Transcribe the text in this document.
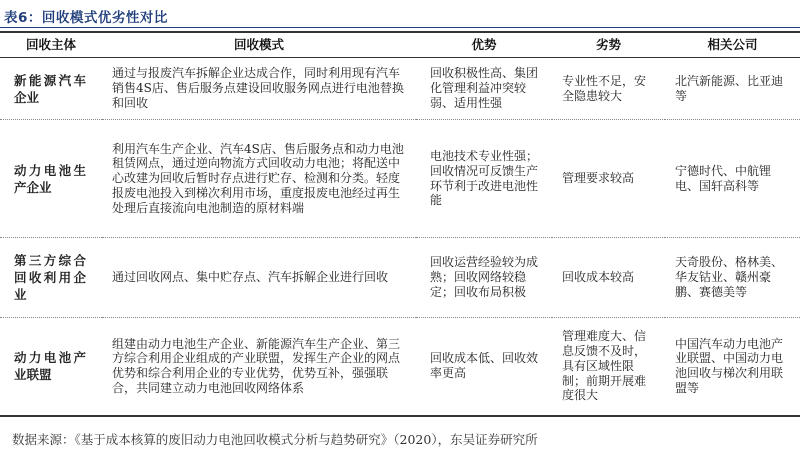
表6：回收模式优劣性对比
回收主体	回收模式	优势	劣势	相关公司
新能源汽车企业	通过与报废汽车拆解企业达成合作，同时利用现有汽车销售4S店、售后服务点建设回收服务网点进行电池替换和回收	回收积极性高、集团化管理利益冲突较弱、适用性强	专业性不足，安全隐患较大	北汽新能源、比亚迪等
动力电池生产企业	利用汽车生产企业、汽车4S店、售后服务点和动力电池租赁网点，通过逆向物流方式回收动力电池；将配送中心改建为回收后暂时存点进行贮存、检测和分类。轻度报废电池投入到梯次利用市场，重度报废电池经过再生处理后直接流向电池制造的原材料端	电池技术专业性强；回收情况可反馈生产环节利于改进电池性能	管理要求较高	宁德时代、中航锂电、国轩高科等
第三方综合回收利用企业	通过回收网点、集中贮存点、汽车拆解企业进行回收	回收运营经验较为成熟；回收网络较稳定；回收布局积极	回收成本较高	天奇股份、格林美、华友钴业、赣州豪鹏、赛德美等
动力电池产业联盟	组建由动力电池生产企业、新能源汽车生产企业、第三方综合利用企业组成的产业联盟，发挥生产企业的网点优势和综合利用企业的专业优势，优势互补，强强联合，共同建立动力电池回收网络体系	回收成本低、回收效率更高	管理难度大、信息反馈不及时，具有区域性限制；前期开展难度很大	中国汽车动力电池产业联盟、中国动力电池回收与梯次利用联盟等
数据来源：《基于成本核算的废旧动力电池回收模式分析与趋势研究》（2020），东吴证券研究所
